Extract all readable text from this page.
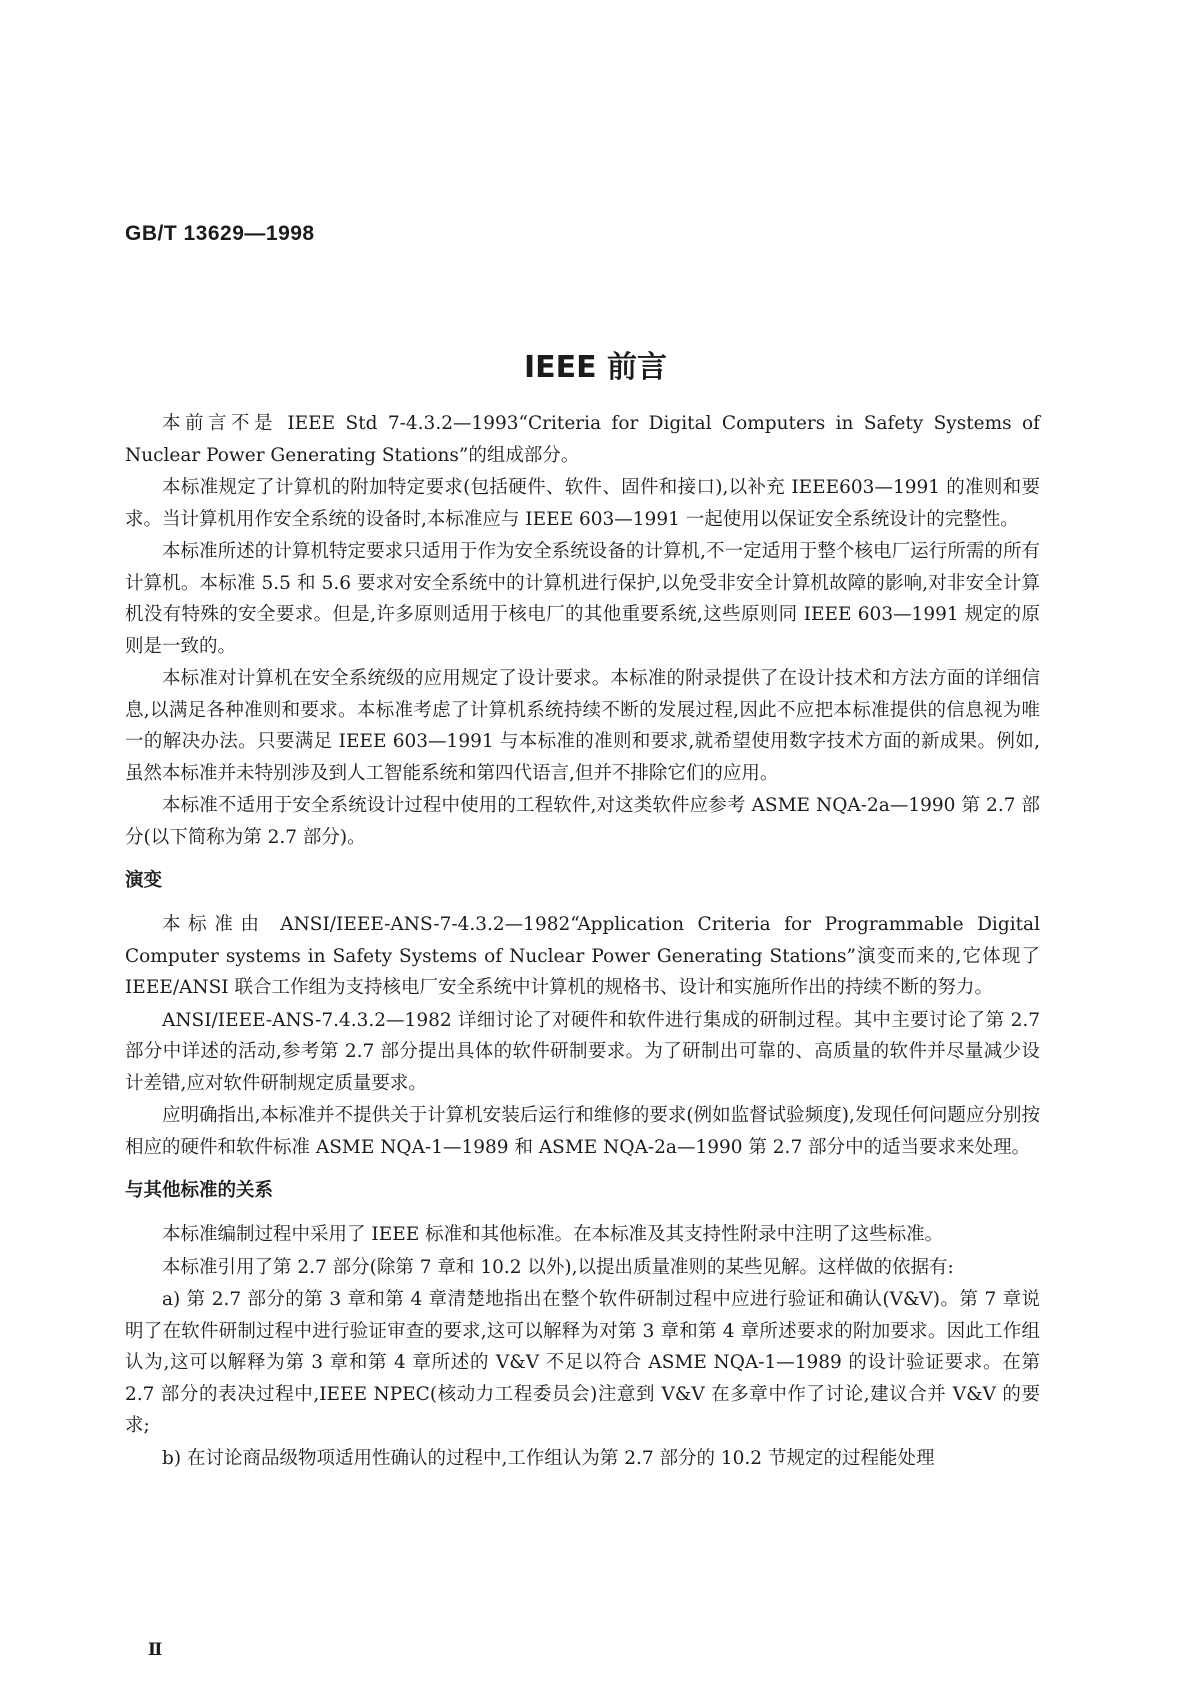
GB/T 13629—1998
IEEE 前言

本前言不是 IEEE Std 7-4.3.2—1993“Criteria for Digital Computers in Safety Systems of Nuclear Power Generating Stations”的组成部分。

本标准规定了计算机的附加特定要求(包括硬件、软件、固件和接口),以补充 IEEE603—1991 的准则和要求。当计算机用作安全系统的设备时,本标准应与 IEEE 603—1991 一起使用以保证安全系统设计的完整性。

本标准所述的计算机特定要求只适用于作为安全系统设备的计算机,不一定适用于整个核电厂运行所需的所有计算机。本标准 5.5 和 5.6 要求对安全系统中的计算机进行保护,以免受非安全计算机故障的影响,对非安全计算机没有特殊的安全要求。但是,许多原则适用于核电厂的其他重要系统,这些原则同 IEEE 603—1991 规定的原则是一致的。

本标准对计算机在安全系统级的应用规定了设计要求。本标准的附录提供了在设计技术和方法方面的详细信息,以满足各种准则和要求。本标准考虑了计算机系统持续不断的发展过程,因此不应把本标准提供的信息视为唯一的解决办法。只要满足 IEEE 603—1991 与本标准的准则和要求,就希望使用数字技术方面的新成果。例如,虽然本标准并未特别涉及到人工智能系统和第四代语言,但并不排除它们的应用。

本标准不适用于安全系统设计过程中使用的工程软件,对这类软件应参考 ASME NQA-2a—1990 第 2.7 部分(以下简称为第 2.7 部分)。

演变

本标准由 ANSI/IEEE-ANS-7-4.3.2—1982“Application Criteria for Programmable Digital Computer systems in Safety Systems of Nuclear Power Generating Stations”演变而来的,它体现了 IEEE/ANSI 联合工作组为支持核电厂安全系统中计算机的规格书、设计和实施所作出的持续不断的努力。

ANSI/IEEE-ANS-7.4.3.2—1982 详细讨论了对硬件和软件进行集成的研制过程。其中主要讨论了第 2.7 部分中详述的活动,参考第 2.7 部分提出具体的软件研制要求。为了研制出可靠的、高质量的软件并尽量减少设计差错,应对软件研制规定质量要求。

应明确指出,本标准并不提供关于计算机安装后运行和维修的要求(例如监督试验频度),发现任何问题应分别按相应的硬件和软件标准 ASME NQA-1—1989 和 ASME NQA-2a—1990 第 2.7 部分中的适当要求来处理。

与其他标准的关系

本标准编制过程中采用了 IEEE 标准和其他标准。在本标准及其支持性附录中注明了这些标准。

本标准引用了第 2.7 部分(除第 7 章和 10.2 以外),以提出质量准则的某些见解。这样做的依据有:

a) 第 2.7 部分的第 3 章和第 4 章清楚地指出在整个软件研制过程中应进行验证和确认(V&V)。第 7 章说明了在软件研制过程中进行验证审查的要求,这可以解释为对第 3 章和第 4 章所述要求的附加要求。因此工作组认为,这可以解释为第 3 章和第 4 章所述的 V&V 不足以符合 ASME NQA-1—1989 的设计验证要求。在第 2.7 部分的表决过程中,IEEE NPEC(核动力工程委员会)注意到 V&V 在多章中作了讨论,建议合并 V&V 的要求;

b) 在讨论商品级物项适用性确认的过程中,工作组认为第 2.7 部分的 10.2 节规定的过程能处理

Ⅱ
